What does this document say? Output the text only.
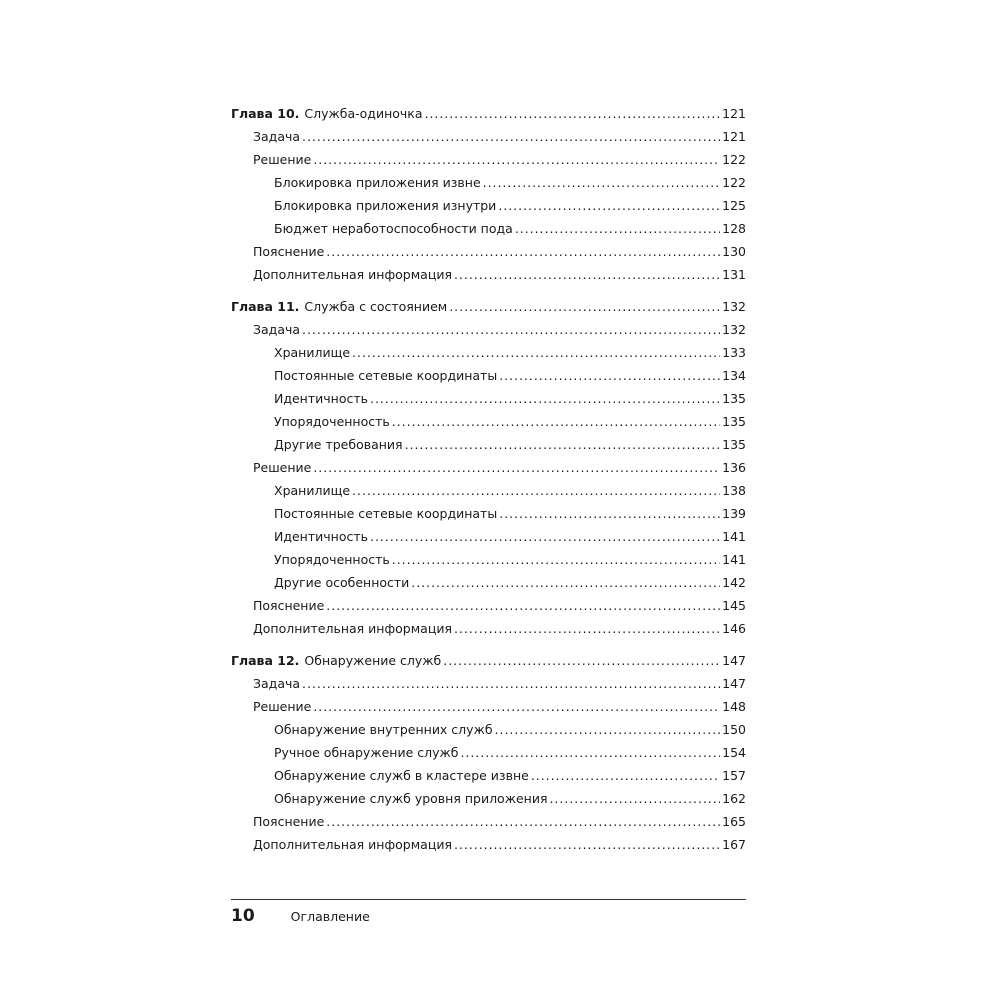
Глава 10. Служба-одиночка . . .	121
Задача . . .	121
Решение . . .	122
Блокировка приложения извне . . .	122
Блокировка приложения изнутри . . .	125
Бюджет неработоспособности пода . . .	128
Пояснение . . .	130
Дополнительная информация . . .	131
Глава 11. Служба с состоянием . . .	132
Задача . . .	132
Хранилище . . .	133
Постоянные сетевые координаты . . .	134
Идентичность . . .	135
Упорядоченность . . .	135
Другие требования . . .	135
Решение . . .	136
Хранилище . . .	138
Постоянные сетевые координаты . . .	139
Идентичность . . .	141
Упорядоченность . . .	141
Другие особенности . . .	142
Пояснение . . .	145
Дополнительная информация . . .	146
Глава 12. Обнаружение служб . . .	147
Задача . . .	147
Решение . . .	148
Обнаружение внутренних служб . . .	150
Ручное обнаружение служб . . .	154
Обнаружение служб в кластере извне . . .	157
Обнаружение служб уровня приложения . . .	162
Пояснение . . .	165
Дополнительная информация . . .	167
10	Оглавление
